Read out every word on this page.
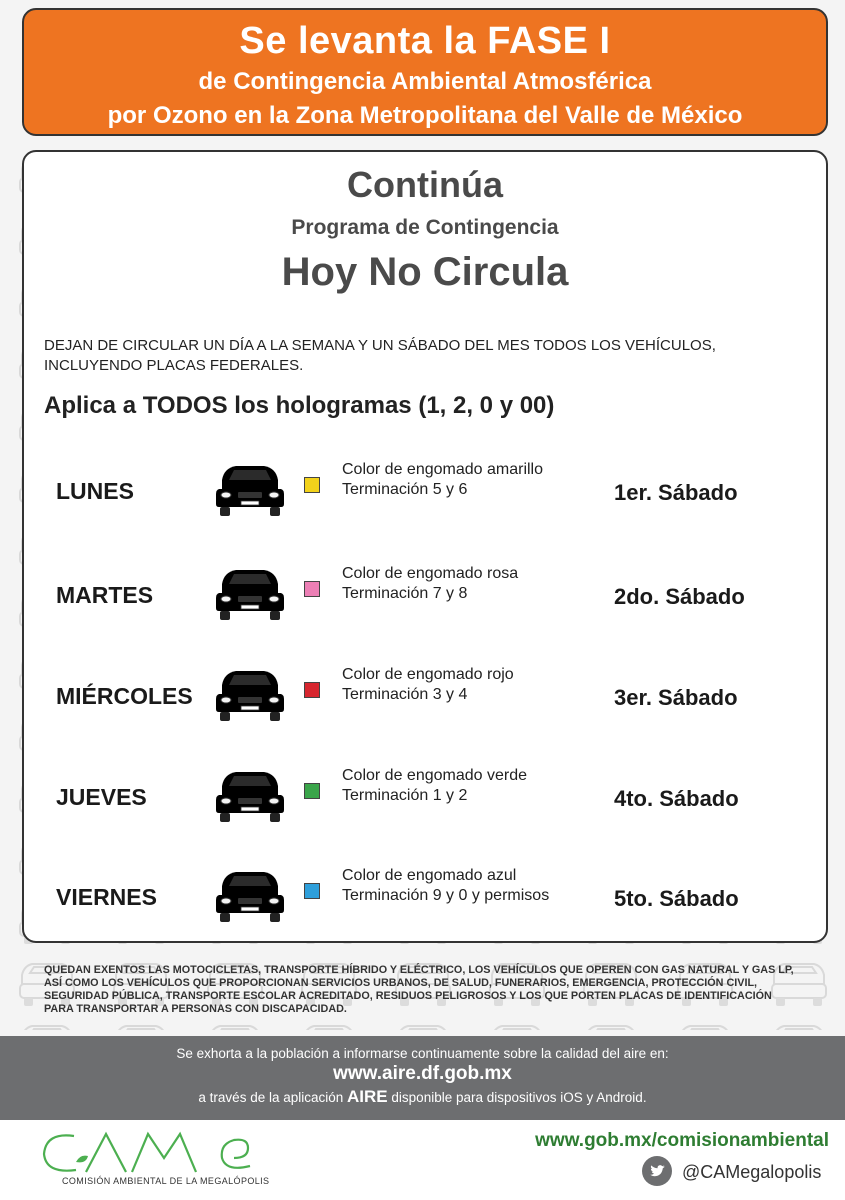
Se levanta la FASE I
de Contingencia Ambiental Atmosférica
por Ozono en la Zona Metropolitana del Valle de México
Continúa
Programa de Contingencia
Hoy No Circula
DEJAN DE CIRCULAR UN DÍA A LA SEMANA Y UN SÁBADO DEL MES TODOS LOS VEHÍCULOS,
INCLUYENDO PLACAS FEDERALES.
Aplica a TODOS los hologramas (1, 2, 0 y 00)
LUNES
Color de engomado amarillo
Terminación 5 y 6	1er. Sábado
MARTES
Color de engomado rosa
Terminación 7 y 8	2do. Sábado
MIÉRCOLES
Color de engomado rojo
Terminación 3 y 4	3er. Sábado
JUEVES
Color de engomado verde
Terminación 1 y 2	4to. Sábado
VIERNES
Color de engomado azul
Terminación 9 y 0 y permisos	5to. Sábado
QUEDAN EXENTOS LAS MOTOCICLETAS, TRANSPORTE HÍBRIDO Y ELÉCTRICO, LOS VEHÍCULOS QUE OPEREN CON GAS NATURAL Y GAS LP,
ASÍ COMO LOS VEHÍCULOS QUE PROPORCIONAN SERVICIOS URBANOS, DE SALUD, FUNERARIOS, EMERGENCIA, PROTECCIÓN CIVIL,
SEGURIDAD PÚBLICA, TRANSPORTE ESCOLAR ACREDITADO, RESIDUOS PELIGROSOS Y LOS QUE PORTEN PLACAS DE IDENTIFICACIÓN
PARA TRANSPORTAR A PERSONAS CON DISCAPACIDAD.
Se exhorta a la población a informarse continuamente sobre la calidad del aire en:
www.aire.df.gob.mx
a través de la aplicación AIRE disponible para dispositivos iOS y Android.
COMISIÓN AMBIENTAL DE LA MEGALÓPOLIS
www.gob.mx/comisionambiental
@CAMegalopolis
